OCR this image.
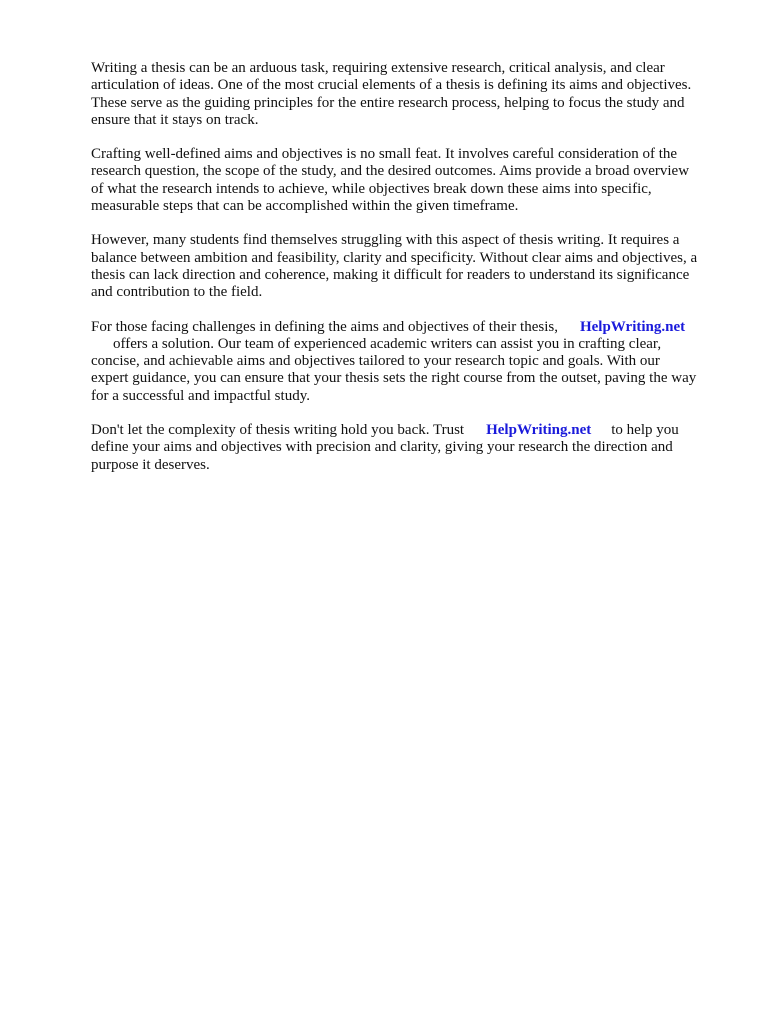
Writing a thesis can be an arduous task, requiring extensive research, critical analysis, and clear
articulation of ideas. One of the most crucial elements of a thesis is defining its aims and objectives.
These serve as the guiding principles for the entire research process, helping to focus the study and
ensure that it stays on track.

Crafting well-defined aims and objectives is no small feat. It involves careful consideration of the
research question, the scope of the study, and the desired outcomes. Aims provide a broad overview
of what the research intends to achieve, while objectives break down these aims into specific,
measurable steps that can be accomplished within the given timeframe.

However, many students find themselves struggling with this aspect of thesis writing. It requires a
balance between ambition and feasibility, clarity and specificity. Without clear aims and objectives, a
thesis can lack direction and coherence, making it difficult for readers to understand its significance
and contribution to the field.

For those facing challenges in defining the aims and objectives of their thesis, HelpWriting.net
offers a solution. Our team of experienced academic writers can assist you in crafting clear,
concise, and achievable aims and objectives tailored to your research topic and goals. With our
expert guidance, you can ensure that your thesis sets the right course from the outset, paving the way
for a successful and impactful study.

Don't let the complexity of thesis writing hold you back. Trust HelpWriting.net to help you
define your aims and objectives with precision and clarity, giving your research the direction and
purpose it deserves.
